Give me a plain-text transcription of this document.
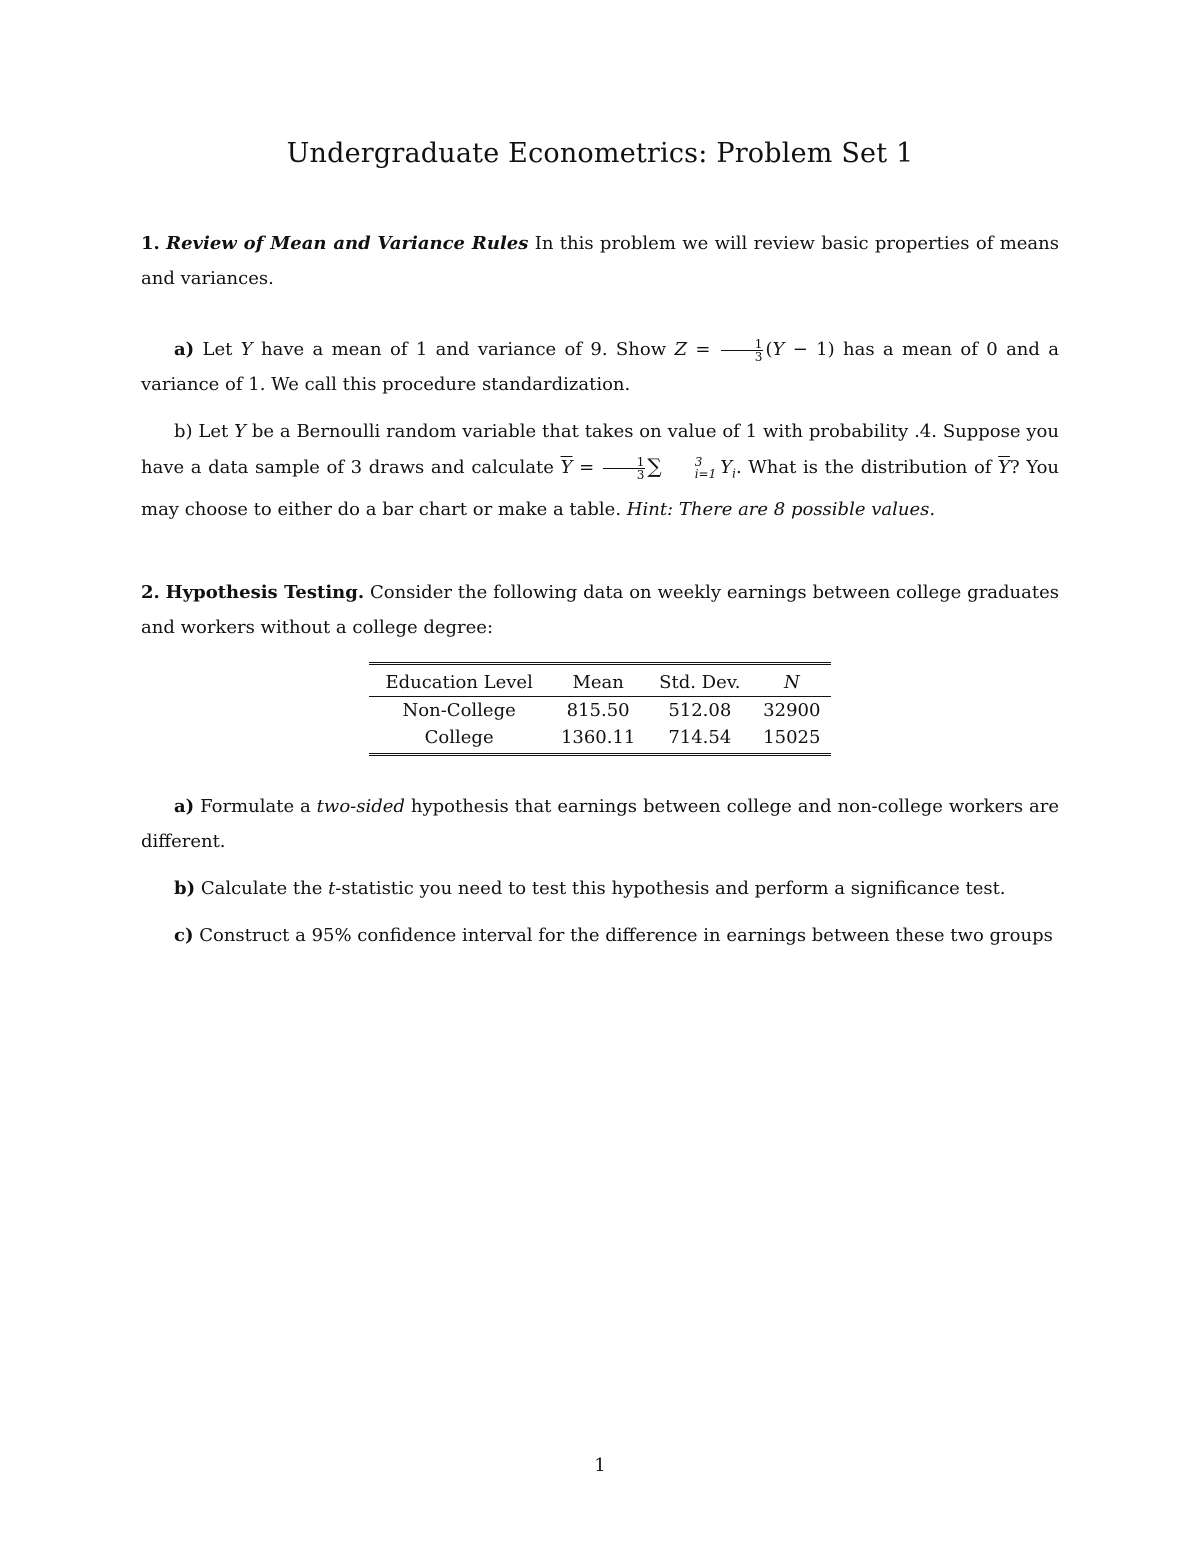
Undergraduate Econometrics: Problem Set 1
1. Review of Mean and Variance Rules In this problem we will review basic properties of means and variances.
a) Let Y have a mean of 1 and variance of 9. Show $Z = \frac{1}{3} (Y - 1)$ has a mean of 0 and a variance of 1. We call this procedure standardization.
b) Let Y be a Bernoulli random variable that takes on value of 1 with probability .4. Suppose you have a data sample of 3 draws and calculate $\overline{Y} = \frac{1}{3}$ ∑	3
i=1 $Y_i$. What is the distribution of $\overline{Y}$? You may choose to either do a bar chart or make a table. Hint: There are 8 possible values.
2. Hypothesis Testing. Consider the following data on weekly earnings between college graduates and workers without a college degree:
Education Level	Mean	Std. Dev.	N
Non-College	815.50	512.08	32900
College	1360.11	714.54	15025
a) Formulate a two-sided hypothesis that earnings between college and non-college workers are different.
b) Calculate the t-statistic you need to test this hypothesis and perform a significance test.
c) Construct a 95% confidence interval for the difference in earnings between these two groups
1
